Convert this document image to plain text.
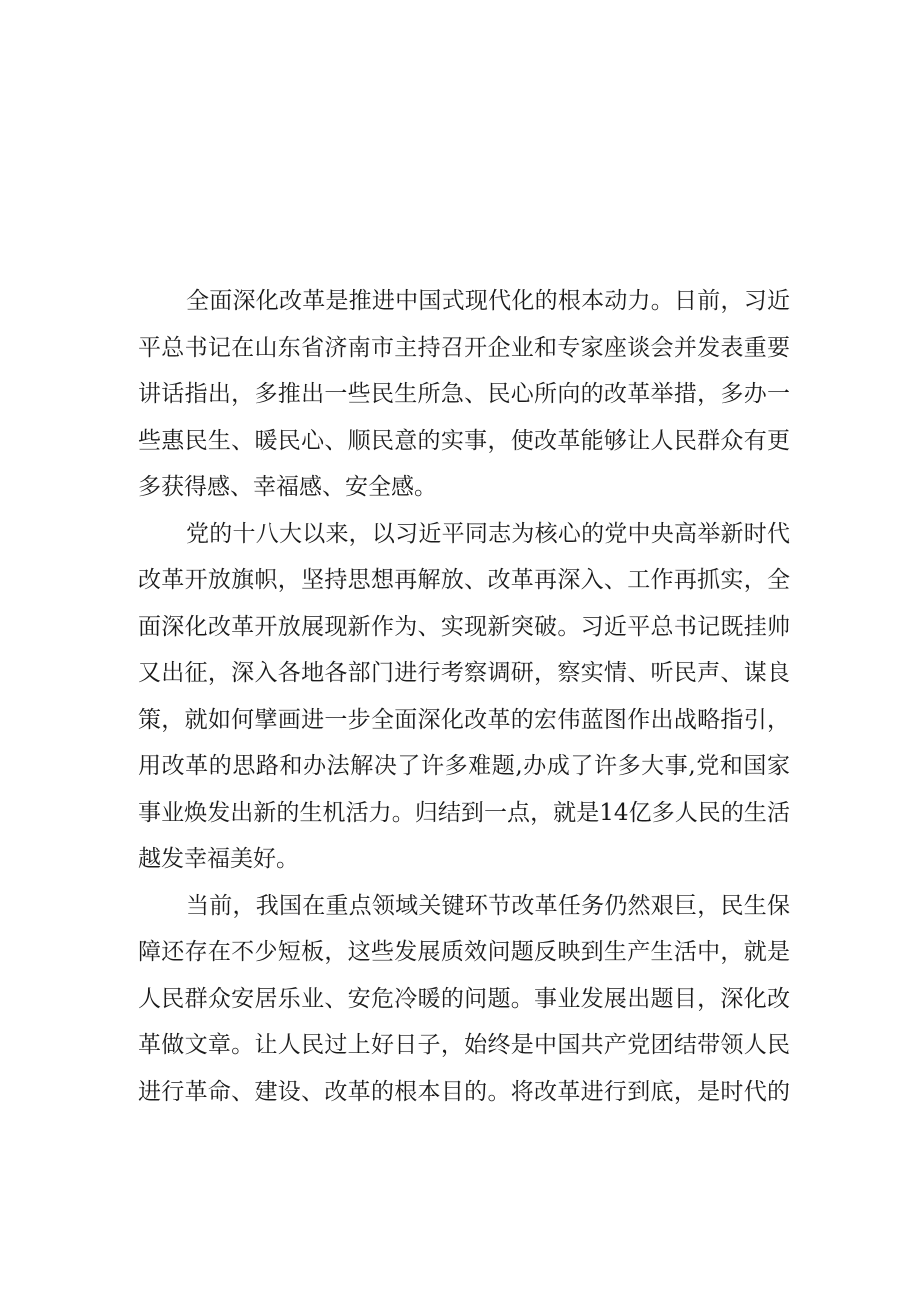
全面深化改革是推进中国式现代化的根本动力。日前，习近
平总书记在山东省济南市主持召开企业和专家座谈会并发表重要
讲话指出，多推出一些民生所急、民心所向的改革举措，多办一
些惠民生、暖民心、顺民意的实事，使改革能够让人民群众有更
多获得感、幸福感、安全感。
党的十八大以来，以习近平同志为核心的党中央高举新时代
改革开放旗帜，坚持思想再解放、改革再深入、工作再抓实，全
面深化改革开放展现新作为、实现新突破。习近平总书记既挂帅
又出征，深入各地各部门进行考察调研，察实情、听民声、谋良
策，就如何擘画进一步全面深化改革的宏伟蓝图作出战略指引，
用改革的思路和办法解决了许多难题,办成了许多大事,党和国家
事业焕发出新的生机活力。归结到一点，就是14亿多人民的生活
越发幸福美好。
当前，我国在重点领域关键环节改革任务仍然艰巨，民生保
障还存在不少短板，这些发展质效问题反映到生产生活中，就是
人民群众安居乐业、安危冷暖的问题。事业发展出题目，深化改
革做文章。让人民过上好日子，始终是中国共产党团结带领人民
进行革命、建设、改革的根本目的。将改革进行到底，是时代的
